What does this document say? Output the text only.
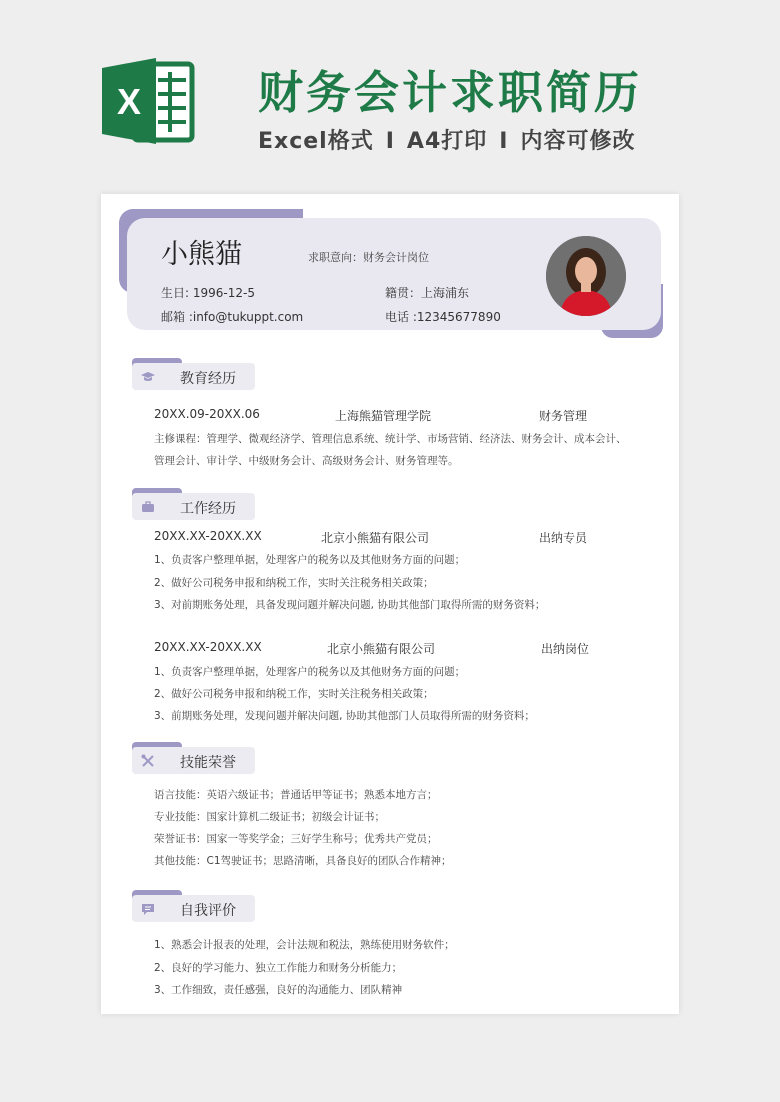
X	财务会计求职简历
Excel格式 I A4打印 I 内容可修改
小熊猫	求职意向：财务会计岗位
生日: 1996-12-5	籍贯：上海浦东
邮箱 :info@tukuppt.com	电话 :12345677890
教育经历
20XX.09-20XX.06	上海熊猫管理学院	财务管理
主修课程：管理学、微观经济学、管理信息系统、统计学、市场营销、经济法、财务会计、成本会计、
管理会计、审计学、中级财务会计、高级财务会计、财务管理等。
工作经历
20XX.XX-20XX.XX	北京小熊猫有限公司	出纳专员
1、负责客户整理单据，处理客户的税务以及其他财务方面的问题；
2、做好公司税务申报和纳税工作，实时关注税务相关政策；
3、对前期账务处理，具备发现问题并解决问题, 协助其他部门取得所需的财务资料；
20XX.XX-20XX.XX	北京小熊猫有限公司	出纳岗位
1、负责客户整理单据，处理客户的税务以及其他财务方面的问题；
2、做好公司税务申报和纳税工作，实时关注税务相关政策；
3、前期账务处理，发现问题并解决问题, 协助其他部门人员取得所需的财务资料；
技能荣誉
语言技能：英语六级证书；普通话甲等证书；熟悉本地方言；
专业技能：国家计算机二级证书；初级会计证书；
荣誉证书：国家一等奖学金；三好学生称号；优秀共产党员；
其他技能：C1驾驶证书；思路清晰，具备良好的团队合作精神；
自我评价
1、熟悉会计报表的处理，会计法规和税法，熟练使用财务软件；
2、良好的学习能力、独立工作能力和财务分析能力；
3、工作细致，责任感强，良好的沟通能力、团队精神
